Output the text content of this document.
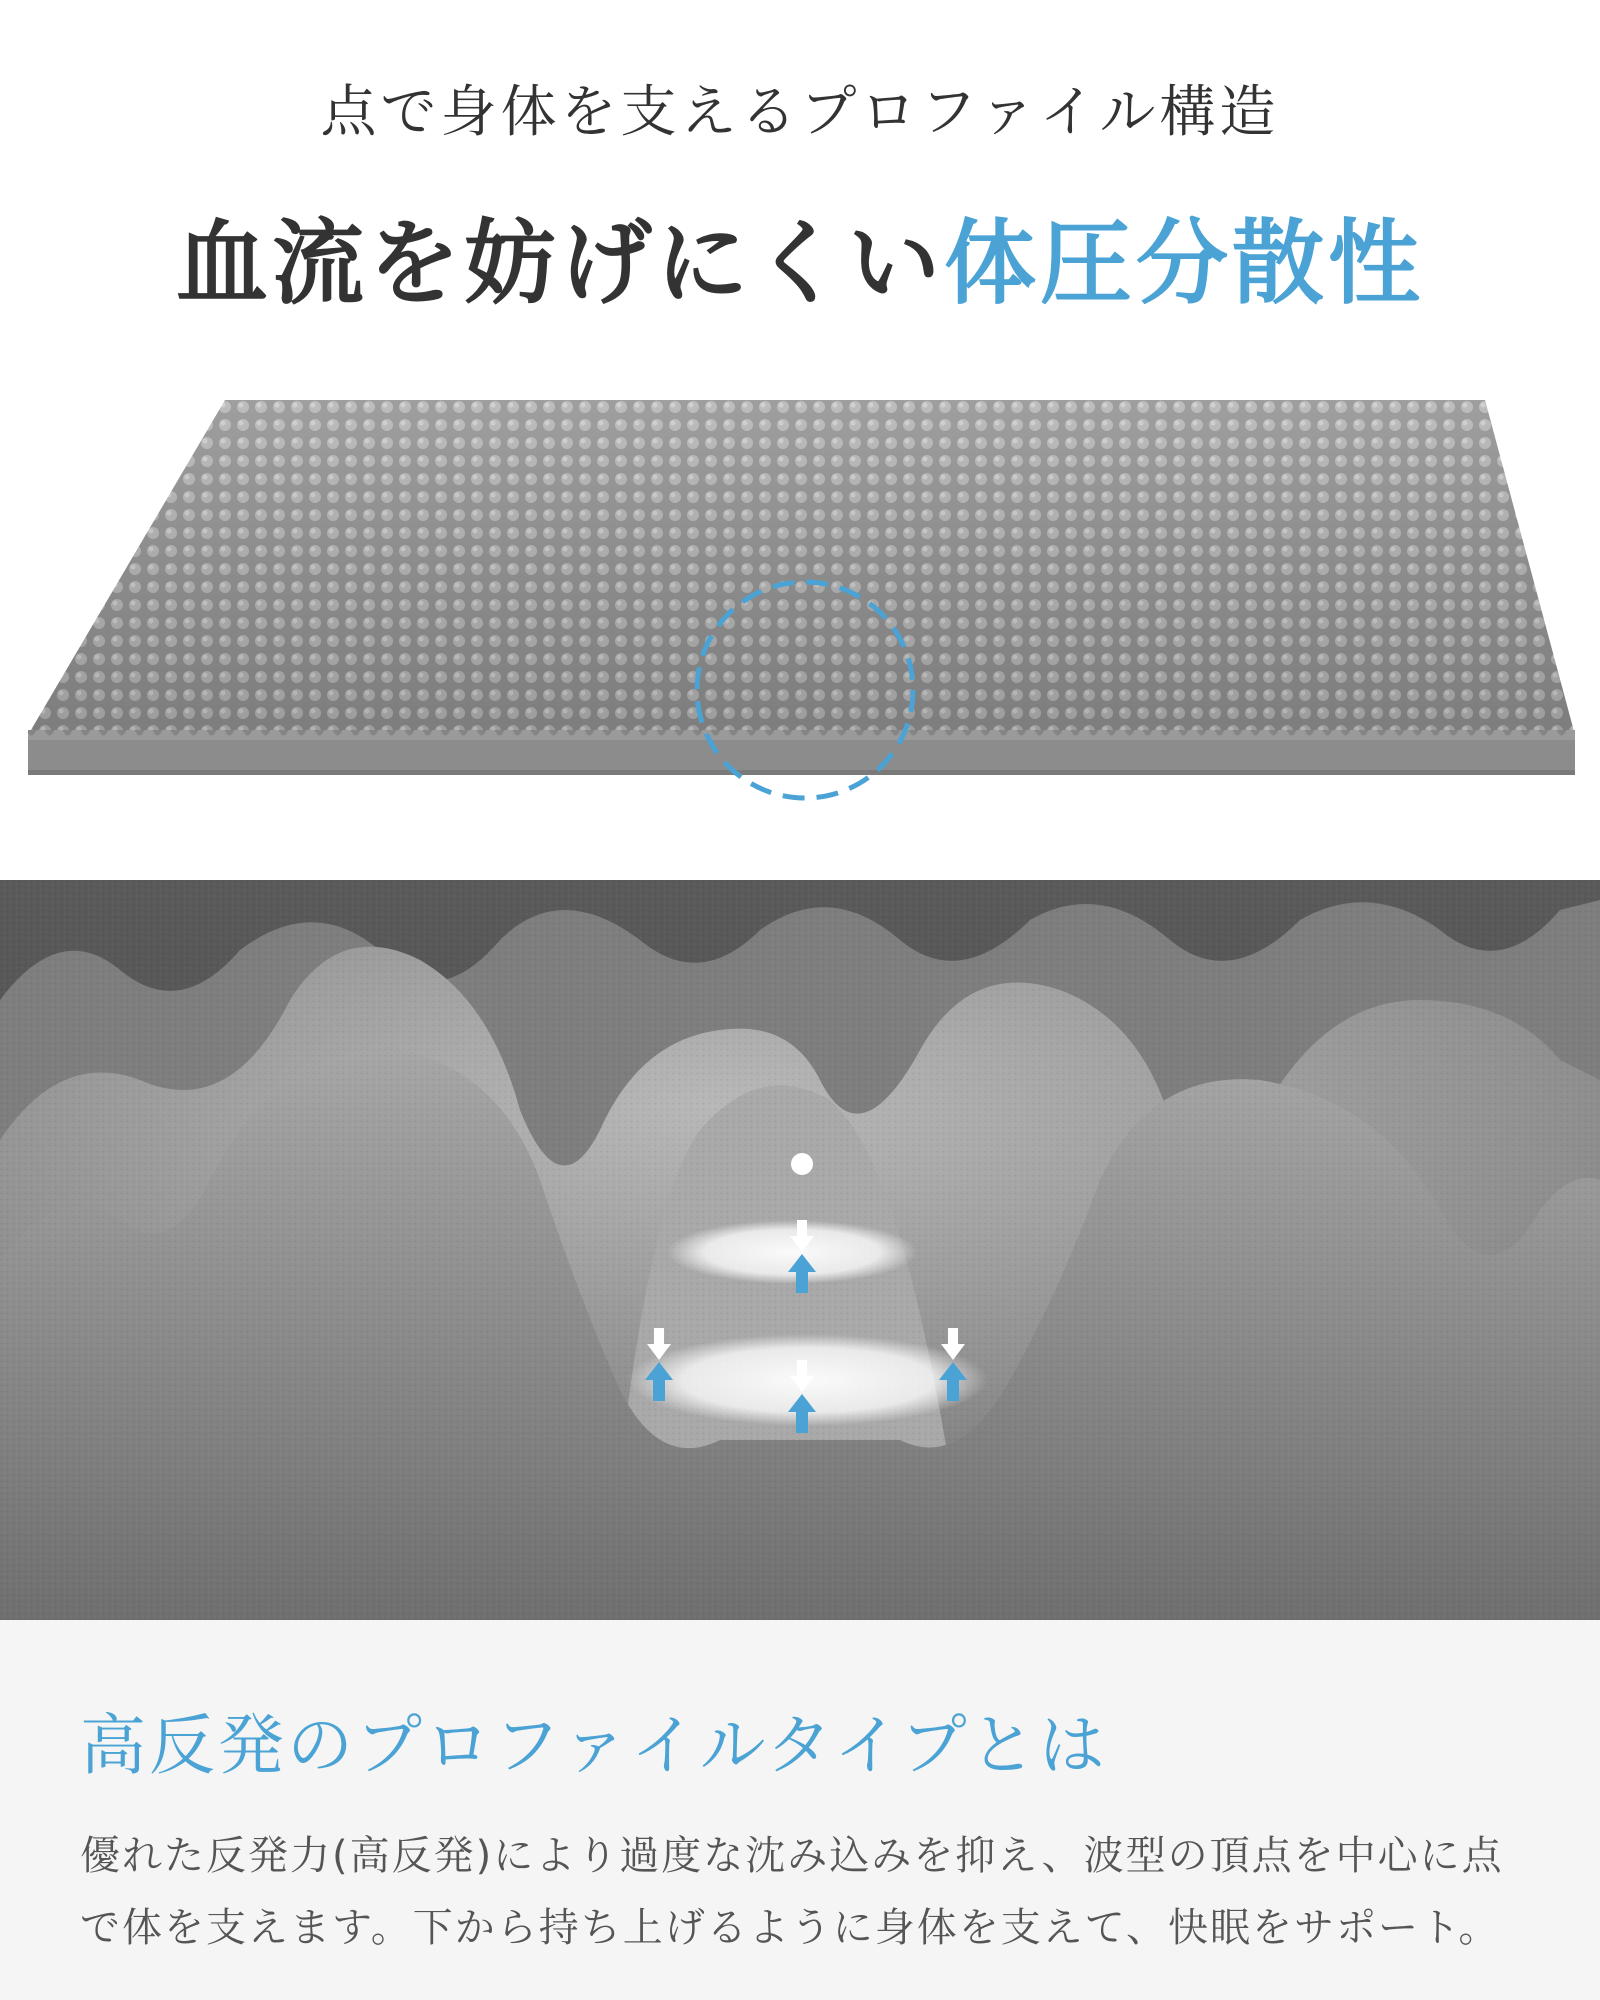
点で身体を支えるプロファイル構造
血流を妨げにくい体圧分散性
高反発のプロファイルタイプとは
優れた反発力(高反発)により過度な沈み込みを抑え、波型の頂点を中心に点で体を支えます。下から持ち上げるように身体を支えて、快眠をサポート。
